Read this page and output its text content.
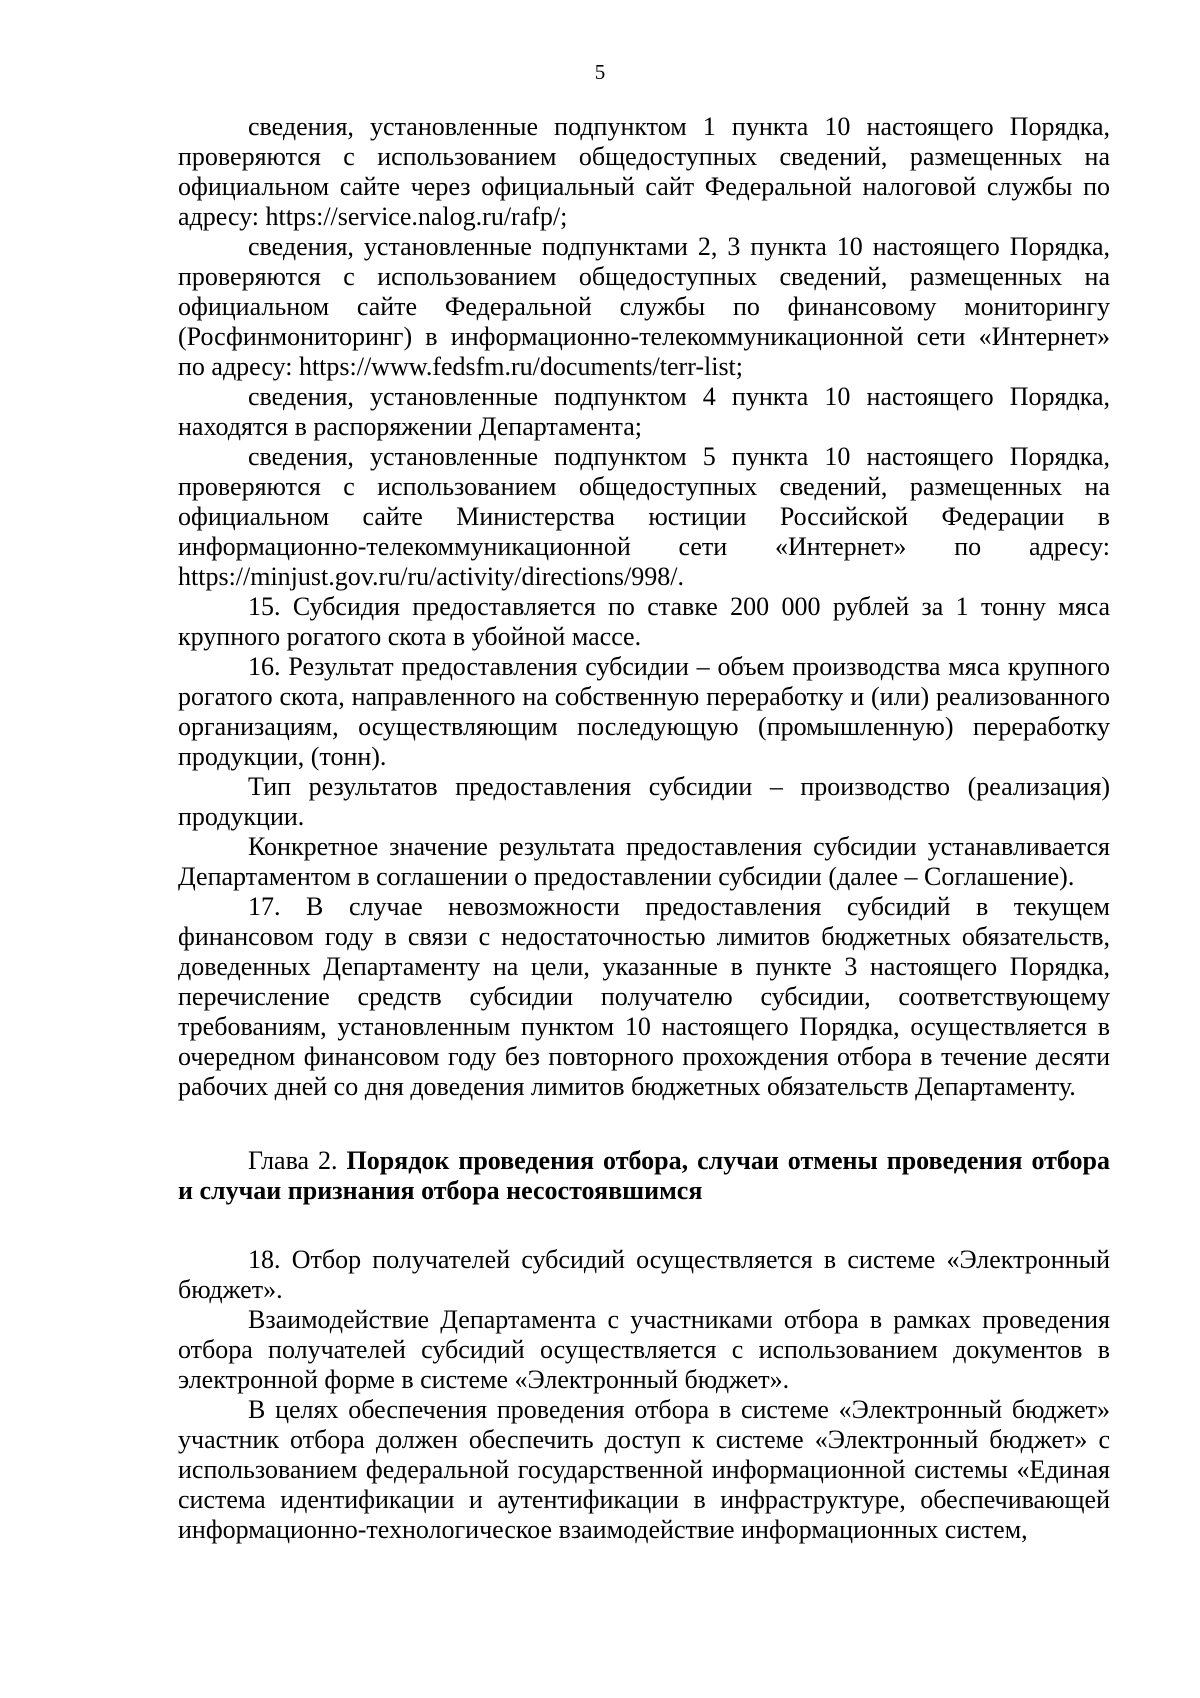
5

сведения, установленные подпунктом 1 пункта 10 настоящего Порядка, проверяются с использованием общедоступных сведений, размещенных на официальном сайте через официальный сайт Федеральной налоговой службы по адресу: https://service.nalog.ru/rafp/;

сведения, установленные подпунктами 2, 3 пункта 10 настоящего Порядка, проверяются с использованием общедоступных сведений, размещенных на официальном сайте Федеральной службы по финансовому мониторингу (Росфинмониторинг) в информационно-телекоммуникационной сети «Интернет» по адресу: https://www.fedsfm.ru/documents/terr-list;

сведения, установленные подпунктом 4 пункта 10 настоящего Порядка, находятся в распоряжении Департамента;

сведения, установленные подпунктом 5 пункта 10 настоящего Порядка, проверяются с использованием общедоступных сведений, размещенных на официальном сайте Министерства юстиции Российской Федерации в информационно-телекоммуникационной сети «Интернет» по адресу: https://minjust.gov.ru/ru/activity/directions/998/.

15. Субсидия предоставляется по ставке 200 000 рублей за 1 тонну мяса крупного рогатого скота в убойной массе.

16. Результат предоставления субсидии – объем производства мяса крупного рогатого скота, направленного на собственную переработку и (или) реализованного организациям, осуществляющим последующую (промышленную) переработку продукции, (тонн).

Тип результатов предоставления субсидии – производство (реализация) продукции.

Конкретное значение результата предоставления субсидии устанавливается Департаментом в соглашении о предоставлении субсидии (далее – Соглашение).

17. В случае невозможности предоставления субсидий в текущем финансовом году в связи с недостаточностью лимитов бюджетных обязательств, доведенных Департаменту на цели, указанные в пункте 3 настоящего Порядка, перечисление средств субсидии получателю субсидии, соответствующему требованиям, установленным пунктом 10 настоящего Порядка, осуществляется в очередном финансовом году без повторного прохождения отбора в течение десяти рабочих дней со дня доведения лимитов бюджетных обязательств Департаменту.

Глава 2. Порядок проведения отбора, случаи отмены проведения отбора и случаи признания отбора несостоявшимся

18. Отбор получателей субсидий осуществляется в системе «Электронный бюджет».

Взаимодействие Департамента с участниками отбора в рамках проведения отбора получателей субсидий осуществляется с использованием документов в электронной форме в системе «Электронный бюджет».

В целях обеспечения проведения отбора в системе «Электронный бюджет» участник отбора должен обеспечить доступ к системе «Электронный бюджет» с использованием федеральной государственной информационной системы «Единая система идентификации и аутентификации в инфраструктуре, обеспечивающей информационно-технологическое взаимодействие информационных систем,
